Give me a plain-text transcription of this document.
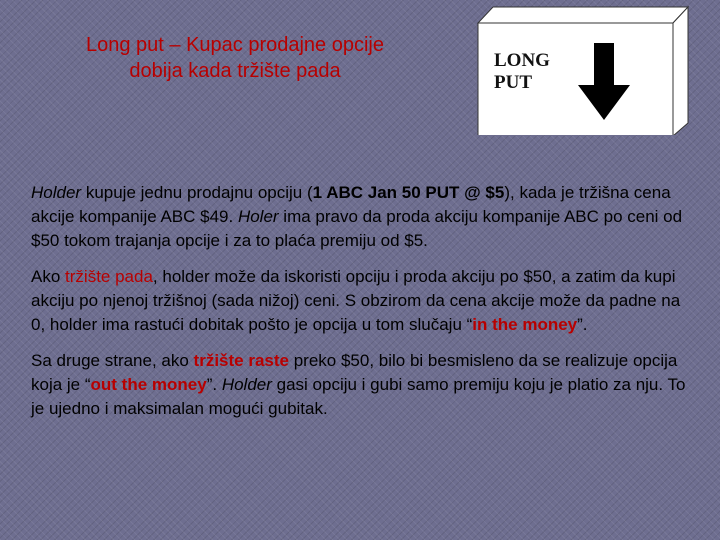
Long put – Kupac prodajne opcije
dobija kada tržište pada	LONG
PUT

Holder kupuje jednu prodajnu opciju (1 ABC Jan 50 PUT @ $5), kada je tržišna cena akcije kompanije ABC $49. Holer ima pravo da proda akciju kompanije ABC po ceni od $50 tokom trajanja opcije i za to plaća premiju od $5.

Ako tržište pada, holder može da iskoristi opciju i proda akciju po $50, a zatim da kupi akciju po njenoj tržišnoj (sada nižoj) ceni. S obzirom da cena akcije može da padne na 0, holder ima rastući dobitak pošto je opcija u tom slučaju “in the money”.

Sa druge strane, ako tržište raste preko $50, bilo bi besmisleno da se realizuje opcija koja je “out the money”. Holder gasi opciju i gubi samo premiju koju je platio za nju. To je ujedno i maksimalan mogući gubitak.
